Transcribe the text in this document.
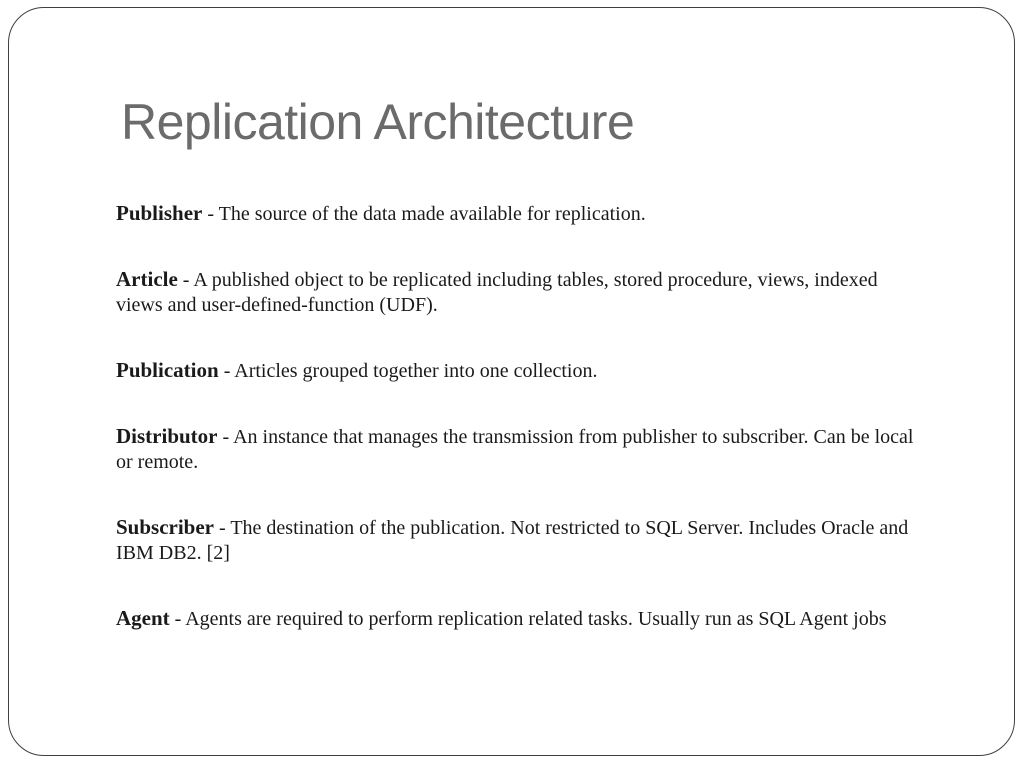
Replication Architecture
Publisher - The source of the data made available for replication.
Article - A published object to be replicated including tables, stored procedure, views, indexed views and user-defined-function (UDF).
Publication - Articles grouped together into one collection.
Distributor - An instance that manages the transmission from publisher to subscriber. Can be local or remote.
Subscriber - The destination of the publication. Not restricted to SQL Server. Includes Oracle and IBM DB2. [2]
Agent - Agents are required to perform replication related tasks. Usually run as SQL Agent jobs
